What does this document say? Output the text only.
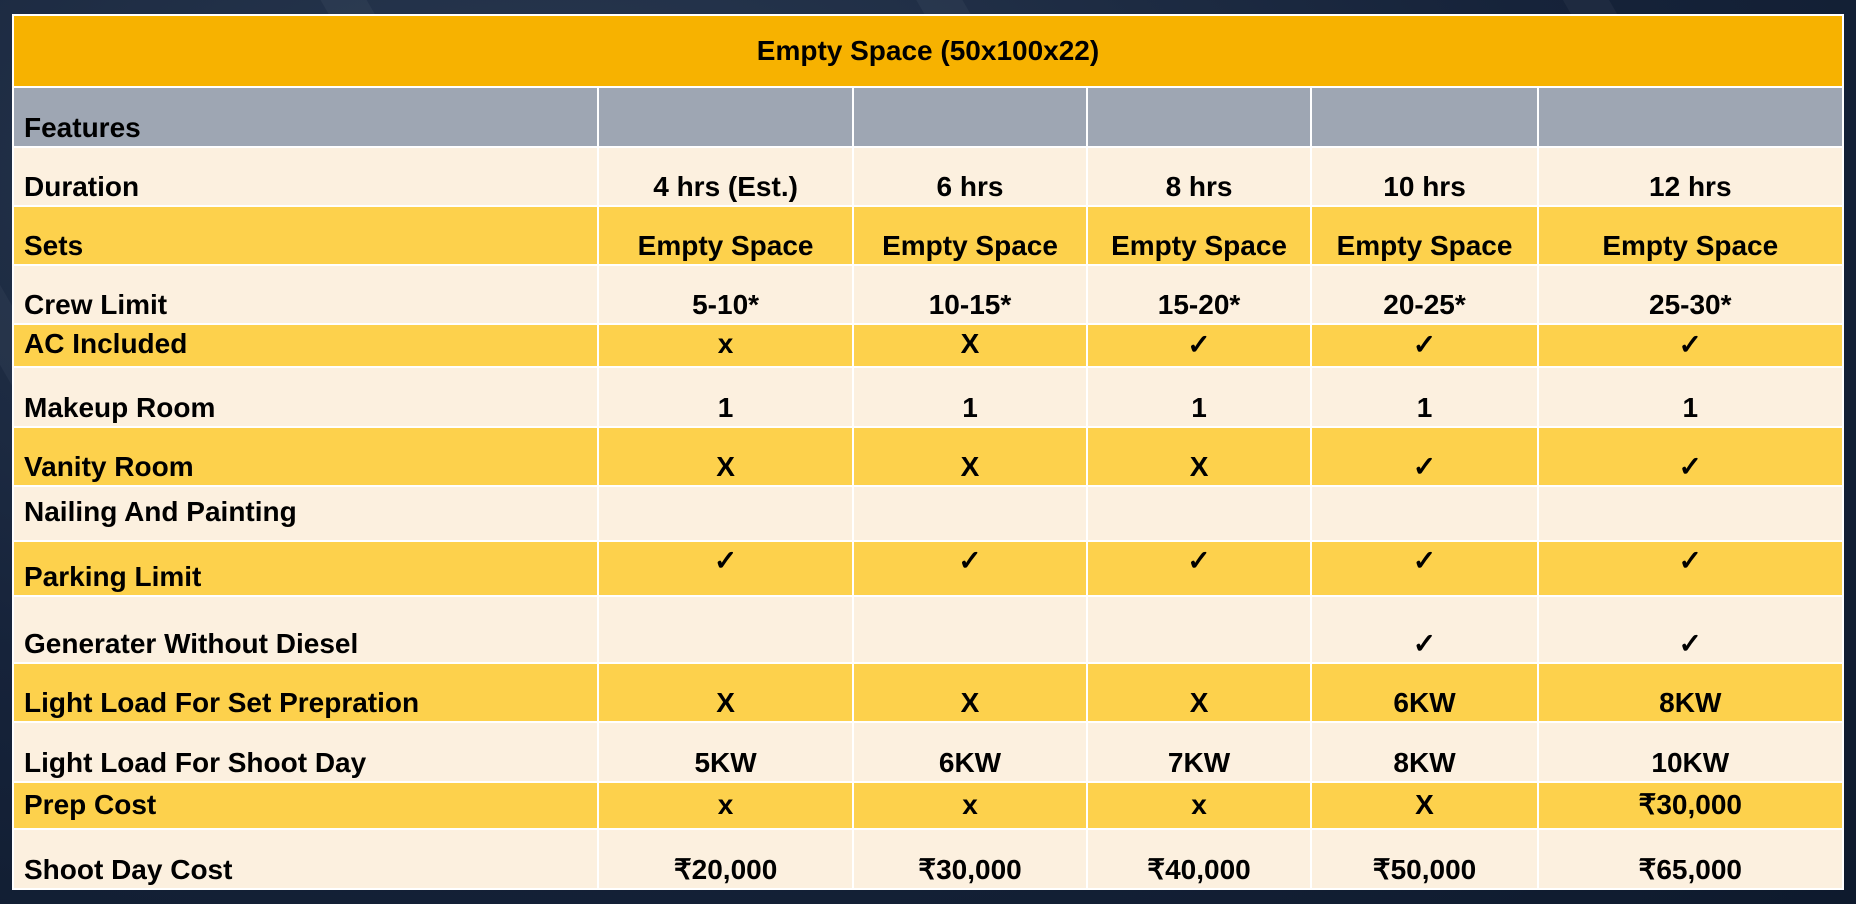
Empty Space (50x100x22)					
Features					
Duration	4 hrs (Est.)	6 hrs	8 hrs	10 hrs	12 hrs
Sets	Empty Space	Empty Space	Empty Space	Empty Space	Empty Space
Crew Limit	5-10*	10-15*	15-20*	20-25*	25-30*
AC Included	x	X	✓	✓	✓
Makeup Room	1	1	1	1	1
Vanity Room	X	X	X	✓	✓
Nailing And Painting					
Parking Limit	✓	✓	✓	✓	✓
Generater Without Diesel				✓	✓
Light Load For Set Prepration	X	X	X	6KW	8KW
Light Load For Shoot Day	5KW	6KW	7KW	8KW	10KW
Prep Cost	x	x	x	X	₹30,000
Shoot Day Cost	₹20,000	₹30,000	₹40,000	₹50,000	₹65,000
